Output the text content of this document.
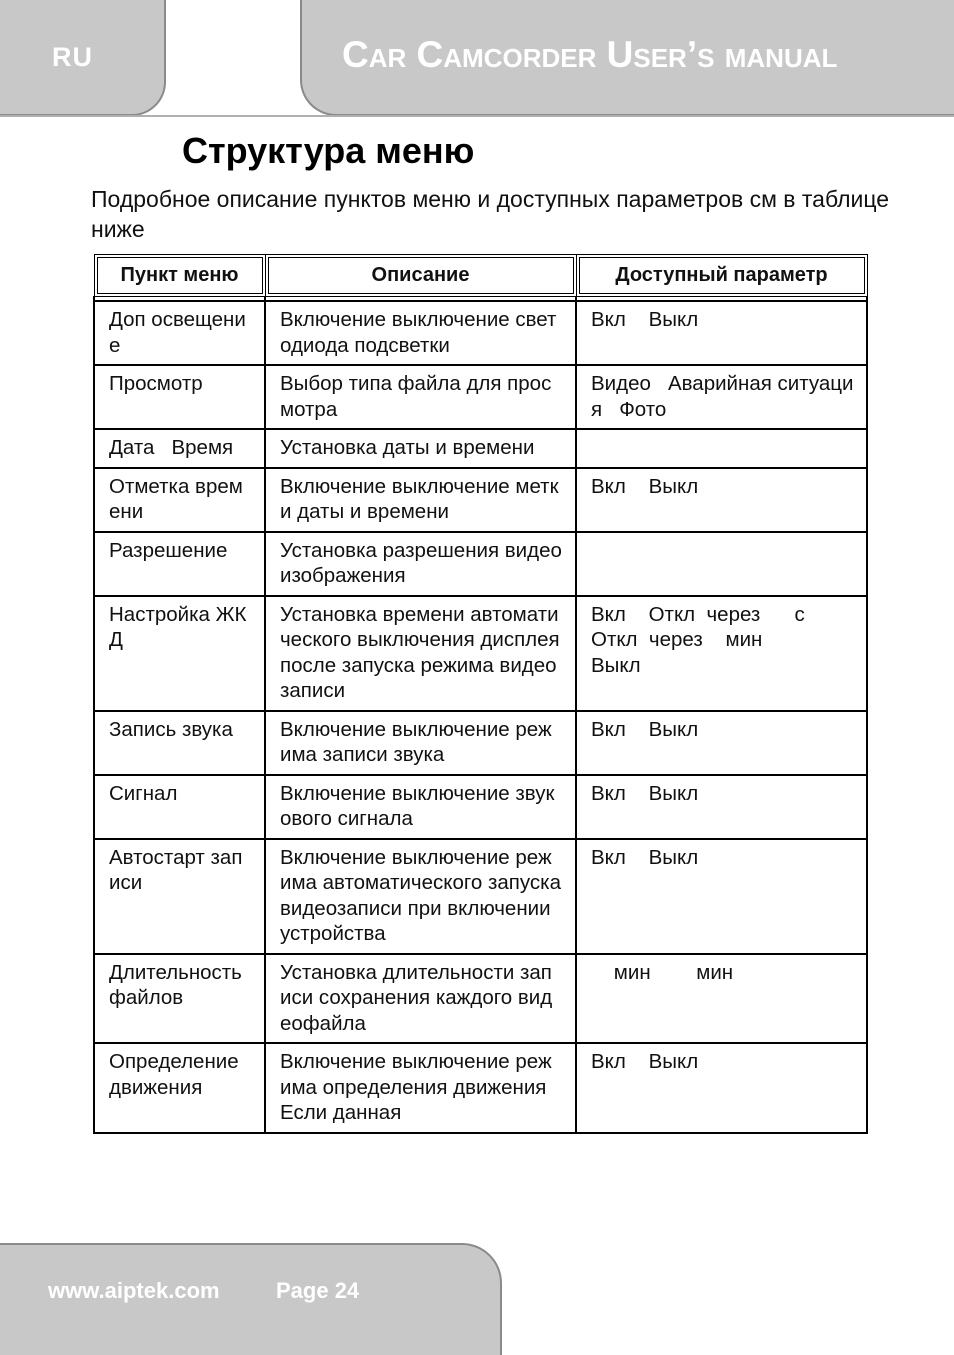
RU	Car Camcorder User’s manual
Структура меню

Подробное описание пунктов меню и доступных параметров см в таблице ниже

Пункт меню	Описание	Доступный параметр

Доп освещение	Включение выключение светодиода подсветки	Вкл    Выкл
Просмотр	Выбор типа файла для просмотра	Видео   Аварийная ситуация   Фото
Дата   Время	Установка даты и времени	
Отметка времени	Включение выключение метки даты и времени	Вкл    Выкл
Разрешение	Установка разрешения видеоизображения	
Настройка ЖКД	Установка времени автоматического выключения дисплея после запуска режима видеозаписи	Вкл    Откл  через      с
Откл  через    мин
Выкл
Запись звука	Включение выключение режима записи звука	Вкл    Выкл
Сигнал	Включение выключение звукового сигнала	Вкл    Выкл
Автостарт записи	Включение выключение режима автоматического запуска видеозаписи при включении устройства	Вкл    Выкл
Длительность файлов	Установка длительности записи сохранения каждого видеофайла	мин        мин
Определение движения	Включение выключение режима определения движения  Если данная	Вкл    Выкл
www.aiptek.com	Page 24
